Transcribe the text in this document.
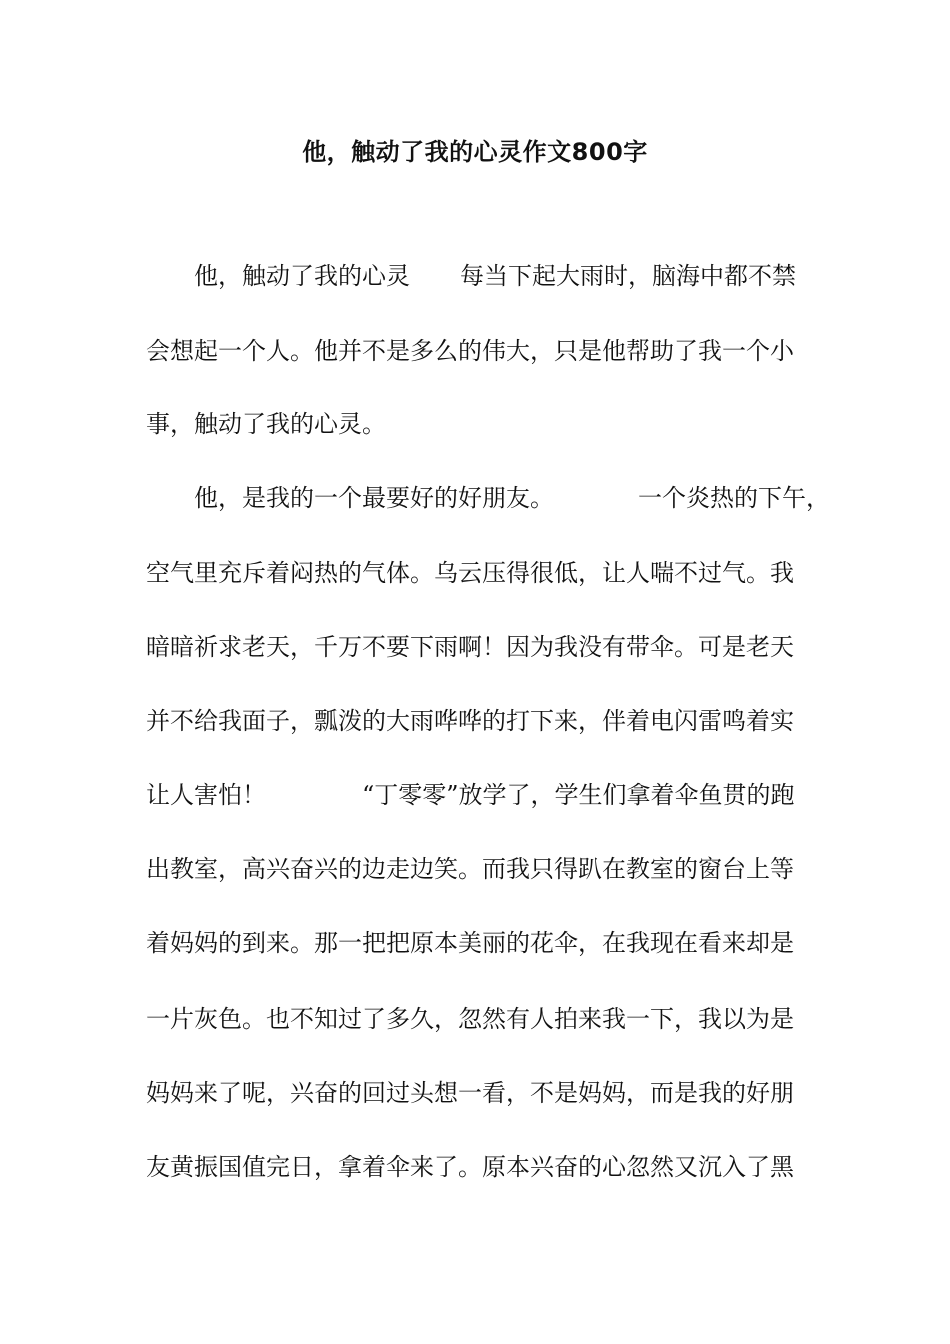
他，触动了我的心灵作文800字
他，触动了我的心灵 每当下起大雨时，脑海中都不禁
会想起一个人。他并不是多么的伟大，只是他帮助了我一个小
事，触动了我的心灵。
他，是我的一个最要好的好朋友。	一个炎热的下午，
空气里充斥着闷热的气体。乌云压得很低，让人喘不过气。我
暗暗祈求老天，千万不要下雨啊！因为我没有带伞。可是老天
并不给我面子，瓢泼的大雨哗哗的打下来，伴着电闪雷鸣着实
让人害怕！	“丁零零”放学了，学生们拿着伞鱼贯的跑
出教室，高兴奋兴的边走边笑。而我只得趴在教室的窗台上等
着妈妈的到来。那一把把原本美丽的花伞，在我现在看来却是
一片灰色。也不知过了多久，忽然有人拍来我一下，我以为是
妈妈来了呢，兴奋的回过头想一看，不是妈妈，而是我的好朋
友黄振国值完日，拿着伞来了。原本兴奋的心忽然又沉入了黑
